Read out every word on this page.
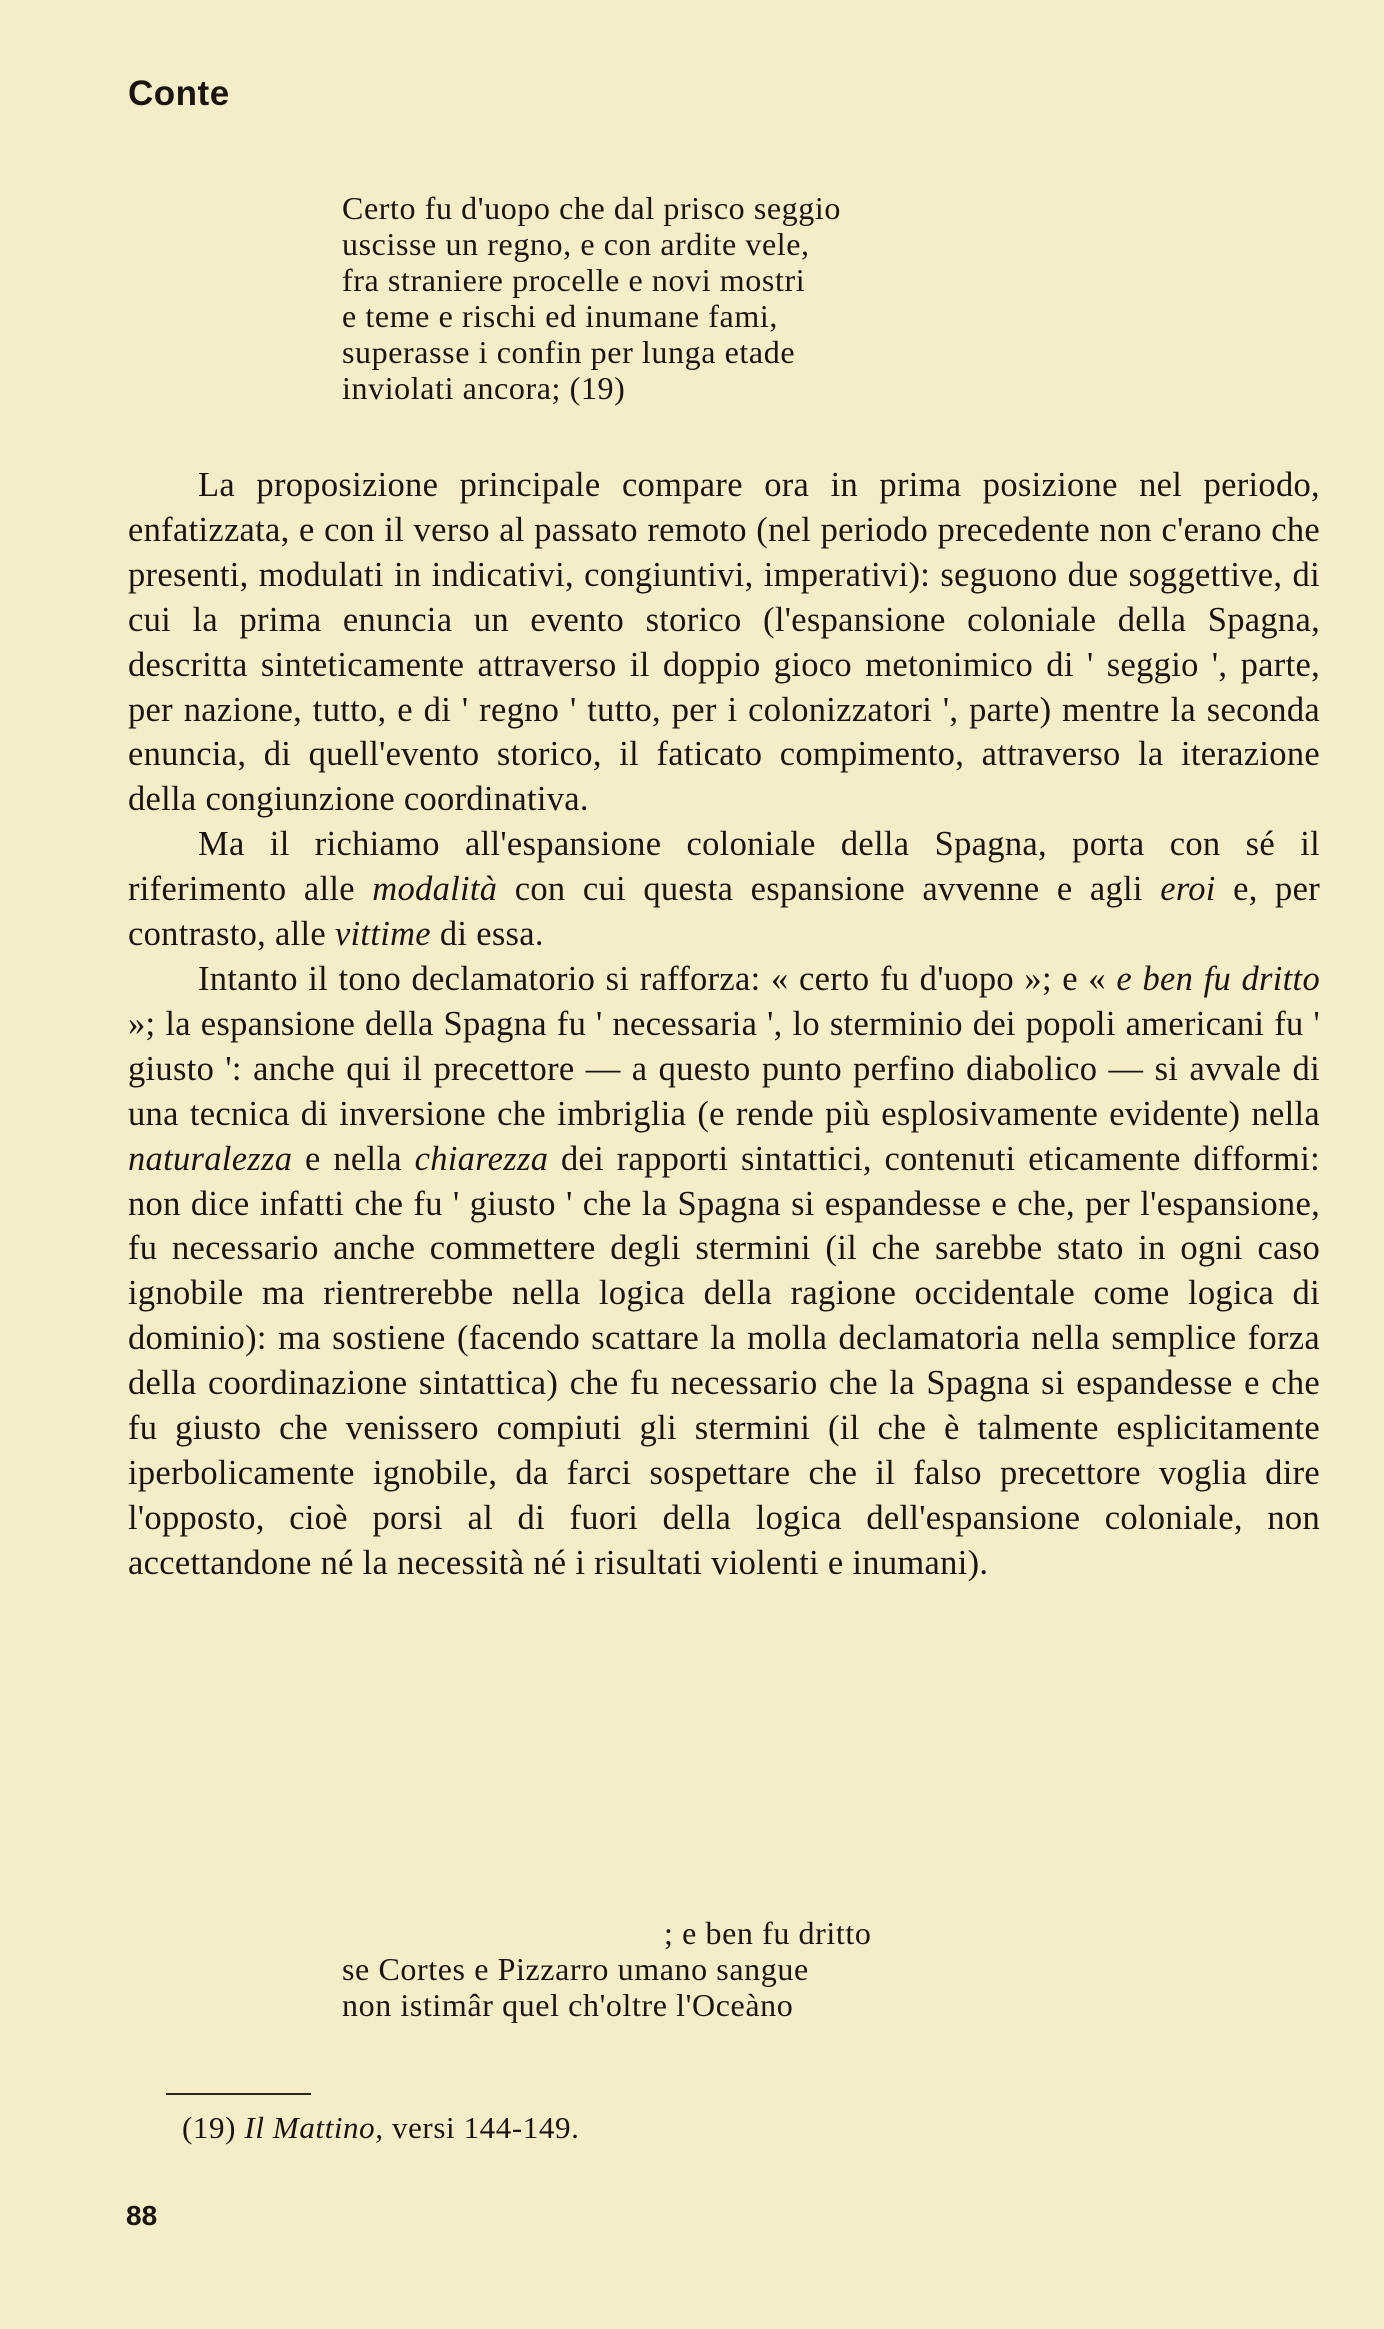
Conte
Certo fu d'uopo che dal prisco seggio
uscisse un regno, e con ardite vele,
fra straniere procelle e novi mostri
e teme e rischi ed inumane fami,
superasse i confin per lunga etade
inviolati ancora; (19)

La proposizione principale compare ora in prima posizione nel periodo, enfatizzata, e con il verso al passato remoto (nel periodo precedente non c'erano che presenti, modulati in indicativi, congiuntivi, imperativi): seguono due soggettive, di cui la prima enuncia un evento storico (l'espansione coloniale della Spagna, descritta sinteticamente attraverso il doppio gioco metonimico di ' seggio ', parte, per nazione, tutto, e di ' regno ' tutto, per i colonizzatori ', parte) mentre la seconda enuncia, di quell'evento storico, il faticato compimento, attraverso la iterazione della congiunzione coordinativa.

Ma il richiamo all'espansione coloniale della Spagna, porta con sé il riferimento alle modalità con cui questa espansione avvenne e agli eroi e, per contrasto, alle vittime di essa.

Intanto il tono declamatorio si rafforza: « certo fu d'uopo »; e « e ben fu dritto »; la espansione della Spagna fu ' necessaria ', lo sterminio dei popoli americani fu ' giusto ': anche qui il precettore — a questo punto perfino diabolico — si avvale di una tecnica di inversione che imbriglia (e rende più esplosivamente evidente) nella naturalezza e nella chiarezza dei rapporti sintattici, contenuti eticamente difformi: non dice infatti che fu ' giusto ' che la Spagna si espandesse e che, per l'espansione, fu necessario anche commettere degli stermini (il che sarebbe stato in ogni caso ignobile ma rientrerebbe nella logica della ragione occidentale come logica di dominio): ma sostiene (facendo scattare la molla declamatoria nella semplice forza della coordinazione sintattica) che fu necessario che la Spagna si espandesse e che fu giusto che venissero compiuti gli stermini (il che è talmente esplicitamente iperbolicamente ignobile, da farci sospettare che il falso precettore voglia dire l'opposto, cioè porsi al di fuori della logica dell'espansione coloniale, non accettandone né la necessità né i risultati violenti e inumani).

; e ben fu dritto
se Cortes e Pizzarro umano sangue
non istimâr quel ch'oltre l'Oceàno
(19) Il Mattino, versi 144-149.
88
